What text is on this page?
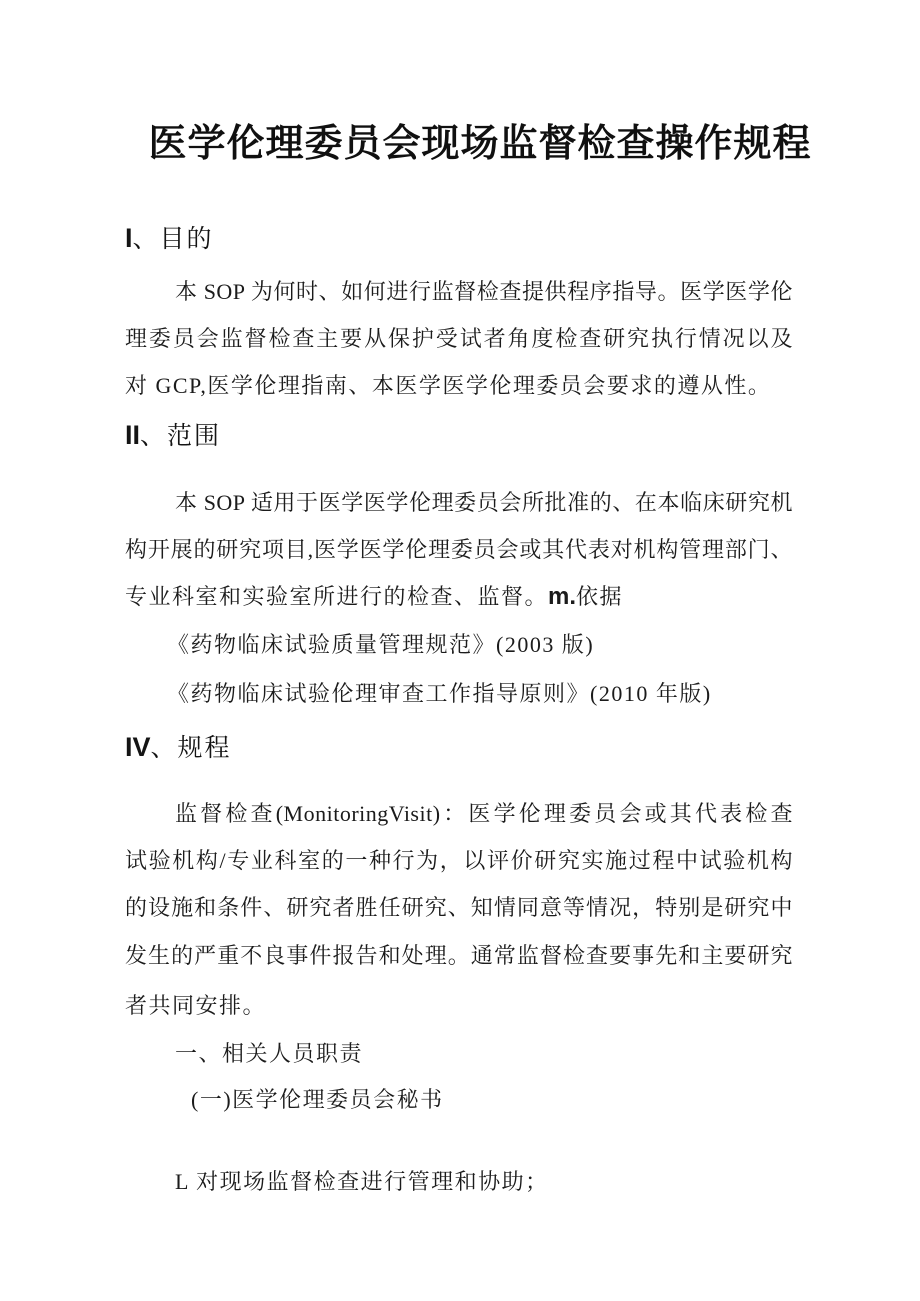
医学伦理委员会现场监督检查操作规程
I、目的
本 SOP 为何时、如何进行监督检查提供程序指导。医学医学伦
理委员会监督检查主要从保护受试者角度检查研究执行情况以及
对 GCP,医学伦理指南、本医学医学伦理委员会要求的遵从性。
II、范围
本 SOP 适用于医学医学伦理委员会所批准的、在本临床研究机
构开展的研究项目,医学医学伦理委员会或其代表对机构管理部门、
专业科室和实验室所进行的检查、监督。m.依据
《药物临床试验质量管理规范》(2003 版)
《药物临床试验伦理审查工作指导原则》(2010 年版)
IV、规程
监督检查(MonitoringVisit)：医学伦理委员会或其代表检查
试验机构/专业科室的一种行为，以评价研究实施过程中试验机构
的设施和条件、研究者胜任研究、知情同意等情况，特别是研究中
发生的严重不良事件报告和处理。通常监督检查要事先和主要研究
者共同安排。
一、相关人员职责
(一)医学伦理委员会秘书
L 对现场监督检查进行管理和协助；
